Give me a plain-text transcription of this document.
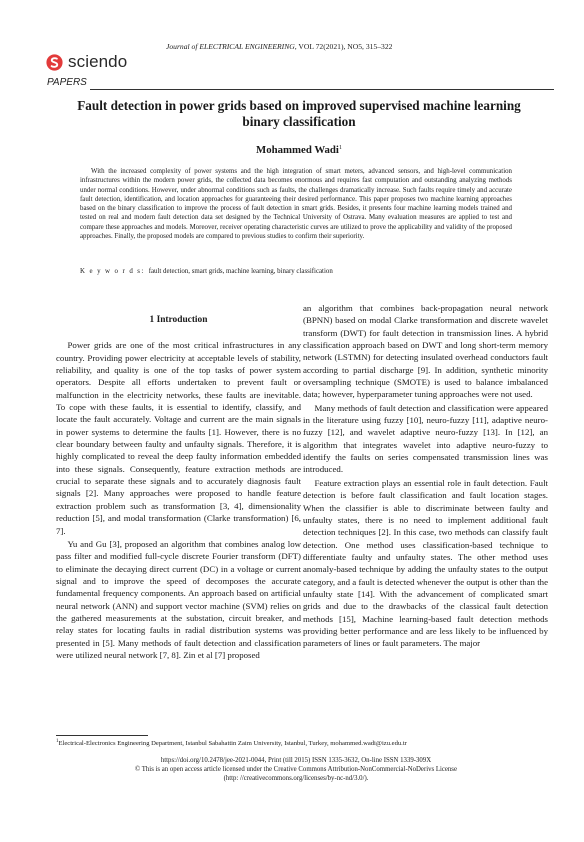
Journal of ELECTRICAL ENGINEERING, VOL 72(2021), NO5, 315–322
sciendo
PAPERS
Fault detection in power grids based on improved supervised machine learning binary classification
Mohammed Wadi$^1$
With the increased complexity of power systems and the high integration of smart meters, advanced sensors, and high-level communication infrastructures within the modern power grids, the collected data becomes enormous and requires fast computation and outstanding analyzing methods under normal conditions. However, under abnormal conditions such as faults, the challenges dramatically increase. Such faults require timely and accurate fault detection, identification, and location approaches for guaranteeing their desired performance. This paper proposes two machine learning approaches based on the binary classification to improve the process of fault detection in smart grids. Besides, it presents four machine learning models trained and tested on real and modern fault detection data set designed by the Technical University of Ostrava. Many evaluation measures are applied to test and compare these approaches and models. Moreover, receiver operating characteristic curves are utilized to prove the applicability and validity of the proposed approaches. Finally, the proposed models are compared to previous studies to confirm their superiority.
K e y w o r d s: fault detection, smart grids, machine learning, binary classification
1 Introduction

Power grids are one of the most critical infrastructures in any country. Providing power electricity at acceptable levels of stability, reliability, and quality is one of the top tasks of power system operators. Despite all efforts undertaken to prevent fault or malfunction in the electricity networks, these faults are inevitable. To cope with these faults, it is essential to identify, classify, and locate the fault accurately. Voltage and current are the main signals in power systems to determine the faults [1]. However, there is no clear boundary between faulty and unfaulty signals. Therefore, it is highly complicated to reveal the deep faulty information embedded into these signals. Consequently, feature extraction methods are crucial to separate these signals and to accurately diagnosis fault signals [2]. Many approaches were proposed to handle feature extraction problem such as transformation [3, 4], dimensionality reduction [5], and modal transformation (Clarke transformation) [6, 7].

Yu and Gu [3], proposed an algorithm that combines analog low pass filter and modified full-cycle discrete Fourier transform (DFT) to eliminate the decaying direct current (DC) in a voltage or current signal and to improve the speed of decomposes the accurate fundamental frequency components. An approach based on artificial neural network (ANN) and support vector machine (SVM) relies on the gathered measurements at the substation, circuit breaker, and relay states for locating faults in radial distribution systems was presented in [5]. Many methods of fault detection and classification were utilized neural network [7, 8]. Zin et al [7] proposed

an algorithm that combines back-propagation neural network (BPNN) based on modal Clarke transformation and discrete wavelet transform (DWT) for fault detection in transmission lines. A hybrid classification approach based on DWT and long short-term memory network (LSTMN) for detecting insulated overhead conductors fault according to partial discharge [9]. In addition, synthetic minority oversampling technique (SMOTE) is used to balance imbalanced data; however, hyperparameter tuning approaches were not used.

Many methods of fault detection and classification were appeared in the literature using fuzzy [10], neuro-fuzzy [11], adaptive neuro-fuzzy [12], and wavelet adaptive neuro-fuzzy [13]. In [12], an algorithm that integrates wavelet into adaptive neuro-fuzzy to identify the faults on series compensated transmission lines was introduced.

Feature extraction plays an essential role in fault detection. Fault detection is before fault classification and fault location stages. When the classifier is able to discriminate between faulty and unfaulty states, there is no need to implement additional fault detection techniques [2]. In this case, two methods can classify fault detection. One method uses classification-based technique to differentiate faulty and unfaulty states. The other method uses anomaly-based technique by adding the unfaulty states to the output category, and a fault is detected whenever the output is other than the unfaulty state [14]. With the advancement of complicated smart grids and due to the drawbacks of the classical fault detection methods [15], Machine learning-based fault detection methods providing better performance and are less likely to be influenced by parameters of lines or fault parameters. The major

$^1$Electrical-Electronics Engineering Department, Istanbul Sabahattin Zaim University, Istanbul, Turkey, mohammed.wadi@izu.edu.tr
https://doi.org/10.2478/jee-2021-0044, Print (till 2015) ISSN 1335-3632, On-line ISSN 1339-309X
© This is an open access article licensed under the Creative Commons Attribution-NonCommercial-NoDerivs License
(http: //creativecommons.org/licenses/by-nc-nd/3.0/).
